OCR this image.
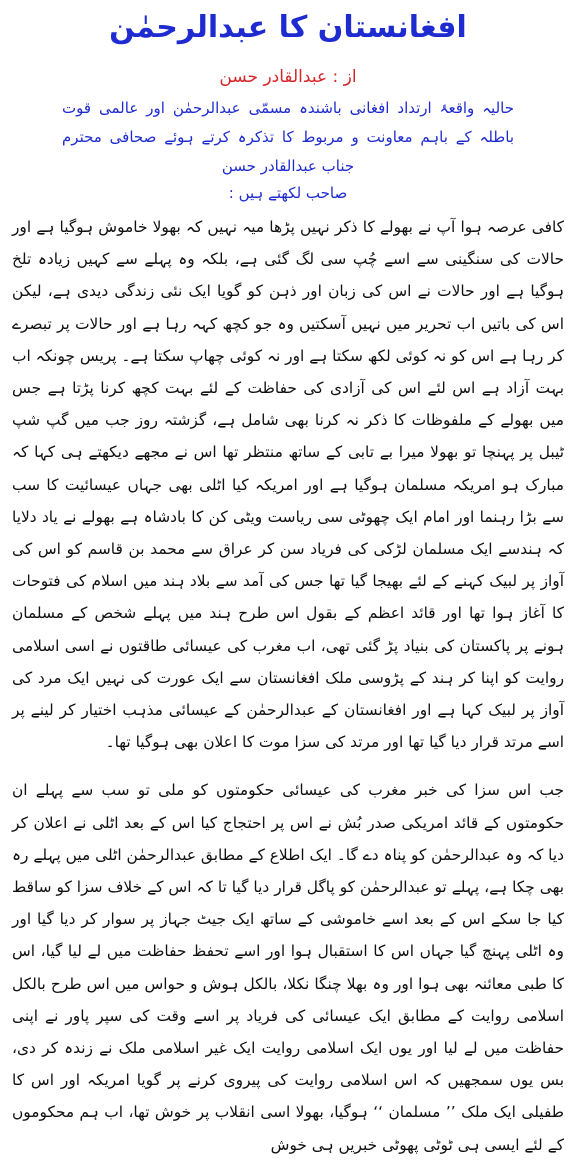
افغانستان کا عبدالرحمٰن
از : عبدالقادر حسن
حالیہ واقعۂ ارتداد افغانی باشندہ مسمّی عبدالرحمٰن اور عالمی قوت باطلہ کے باہم معاونت و مربوط کا تذکرہ کرتے ہوئے صحافی محترم جناب عبدالقادر حسن
صاحب لکھتے ہیں :

کافی عرصہ ہوا آپ نے بھولے کا ذکر نہیں پڑھا میہ نہیں کہ بھولا خاموش ہوگیا ہے اور حالات کی سنگینی سے اسے چُپ سی لگ گئی ہے، بلکہ وہ پہلے سے کہیں زیادہ تلخ ہوگیا ہے اور حالات نے اس کی زبان اور ذہن کو گویا ایک نئی زندگی دیدی ہے، لیکن اس کی باتیں اب تحریر میں نہیں آسکتیں وہ جو کچھ کہہ رہا ہے اور حالات پر تبصرے کر رہا ہے اس کو نہ کوئی لکھ سکتا ہے اور نہ کوئی چھاپ سکتا ہے۔ پریس چونکہ اب بہت آزاد ہے اس لئے اس کی آزادی کی حفاظت کے لئے بہت کچھ کرنا پڑتا ہے جس میں بھولے کے ملفوظات کا ذکر نہ کرنا بھی شامل ہے، گزشتہ روز جب میں گپ شپ ٹیبل پر پہنچا تو بھولا میرا بے تابی کے ساتھ منتظر تھا اس نے مجھے دیکھتے ہی کہا کہ مبارک ہو امریکہ مسلمان ہوگیا ہے اور امریکہ کیا اٹلی بھی جہاں عیسائیت کا سب سے بڑا رہنما اور امام ایک چھوٹی سی ریاست ویٹی کن کا بادشاہ ہے بھولے نے یاد دلایا کہ ہندسے ایک مسلمان لڑکی کی فریاد سن کر عراق سے محمد بن قاسم کو اس کی آواز پر لبیک کہنے کے لئے بھیجا گیا تھا جس کی آمد سے بلاد ہند میں اسلام کی فتوحات کا آغاز ہوا تھا اور قائد اعظم کے بقول اس طرح ہند میں پہلے شخص کے مسلمان ہونے پر پاکستان کی بنیاد پڑ گئی تھی، اب مغرب کی عیسائی طاقتوں نے اسی اسلامی روایت کو اپنا کر ہند کے پڑوسی ملک افغانستان سے ایک عورت کی نہیں ایک مرد کی آواز پر لبیک کہا ہے اور افغانستان کے عبدالرحمٰن کے عیسائی مذہب اختیار کر لینے پر اسے مرتد قرار دیا گیا تھا اور مرتد کی سزا موت کا اعلان بھی ہوگیا تھا۔

جب اس سزا کی خبر مغرب کی عیسائی حکومتوں کو ملی تو سب سے پہلے ان حکومتوں کے قائد امریکی صدر بُش نے اس پر احتجاج کیا اس کے بعد اٹلی نے اعلان کر دیا کہ وہ عبدالرحمٰن کو پناہ دے گا۔ ایک اطلاع کے مطابق عبدالرحمٰن اٹلی میں پہلے رہ بھی چکا ہے، پہلے تو عبدالرحمٰن کو پاگل قرار دیا گیا تا کہ اس کے خلاف سزا کو ساقط کیا جا سکے اس کے بعد اسے خاموشی کے ساتھ ایک جیٹ جہاز پر سوار کر دیا گیا اور وہ اٹلی پہنچ گیا جہاں اس کا استقبال ہوا اور اسے تحفظ حفاظت میں لے لیا گیا، اس کا طبی معائنہ بھی ہوا اور وہ بھلا چنگا نکلا، بالکل ہوش و حواس میں اس طرح بالکل اسلامی روایت کے مطابق ایک عیسائی کی فریاد پر اسے وقت کی سپر پاور نے اپنی حفاظت میں لے لیا اور یوں ایک اسلامی روایت ایک غیر اسلامی ملک نے زندہ کر دی، بس یوں سمجھیں کہ اس اسلامی روایت کی پیروی کرنے پر گویا امریکہ اور اس کا طفیلی ایک ملک ’’ مسلمان ‘‘ ہوگیا، بھولا اسی انقلاب پر خوش تھا، اب ہم محکوموں کے لئے ایسی ہی ٹوٹی پھوٹی خبریں ہی خوش
